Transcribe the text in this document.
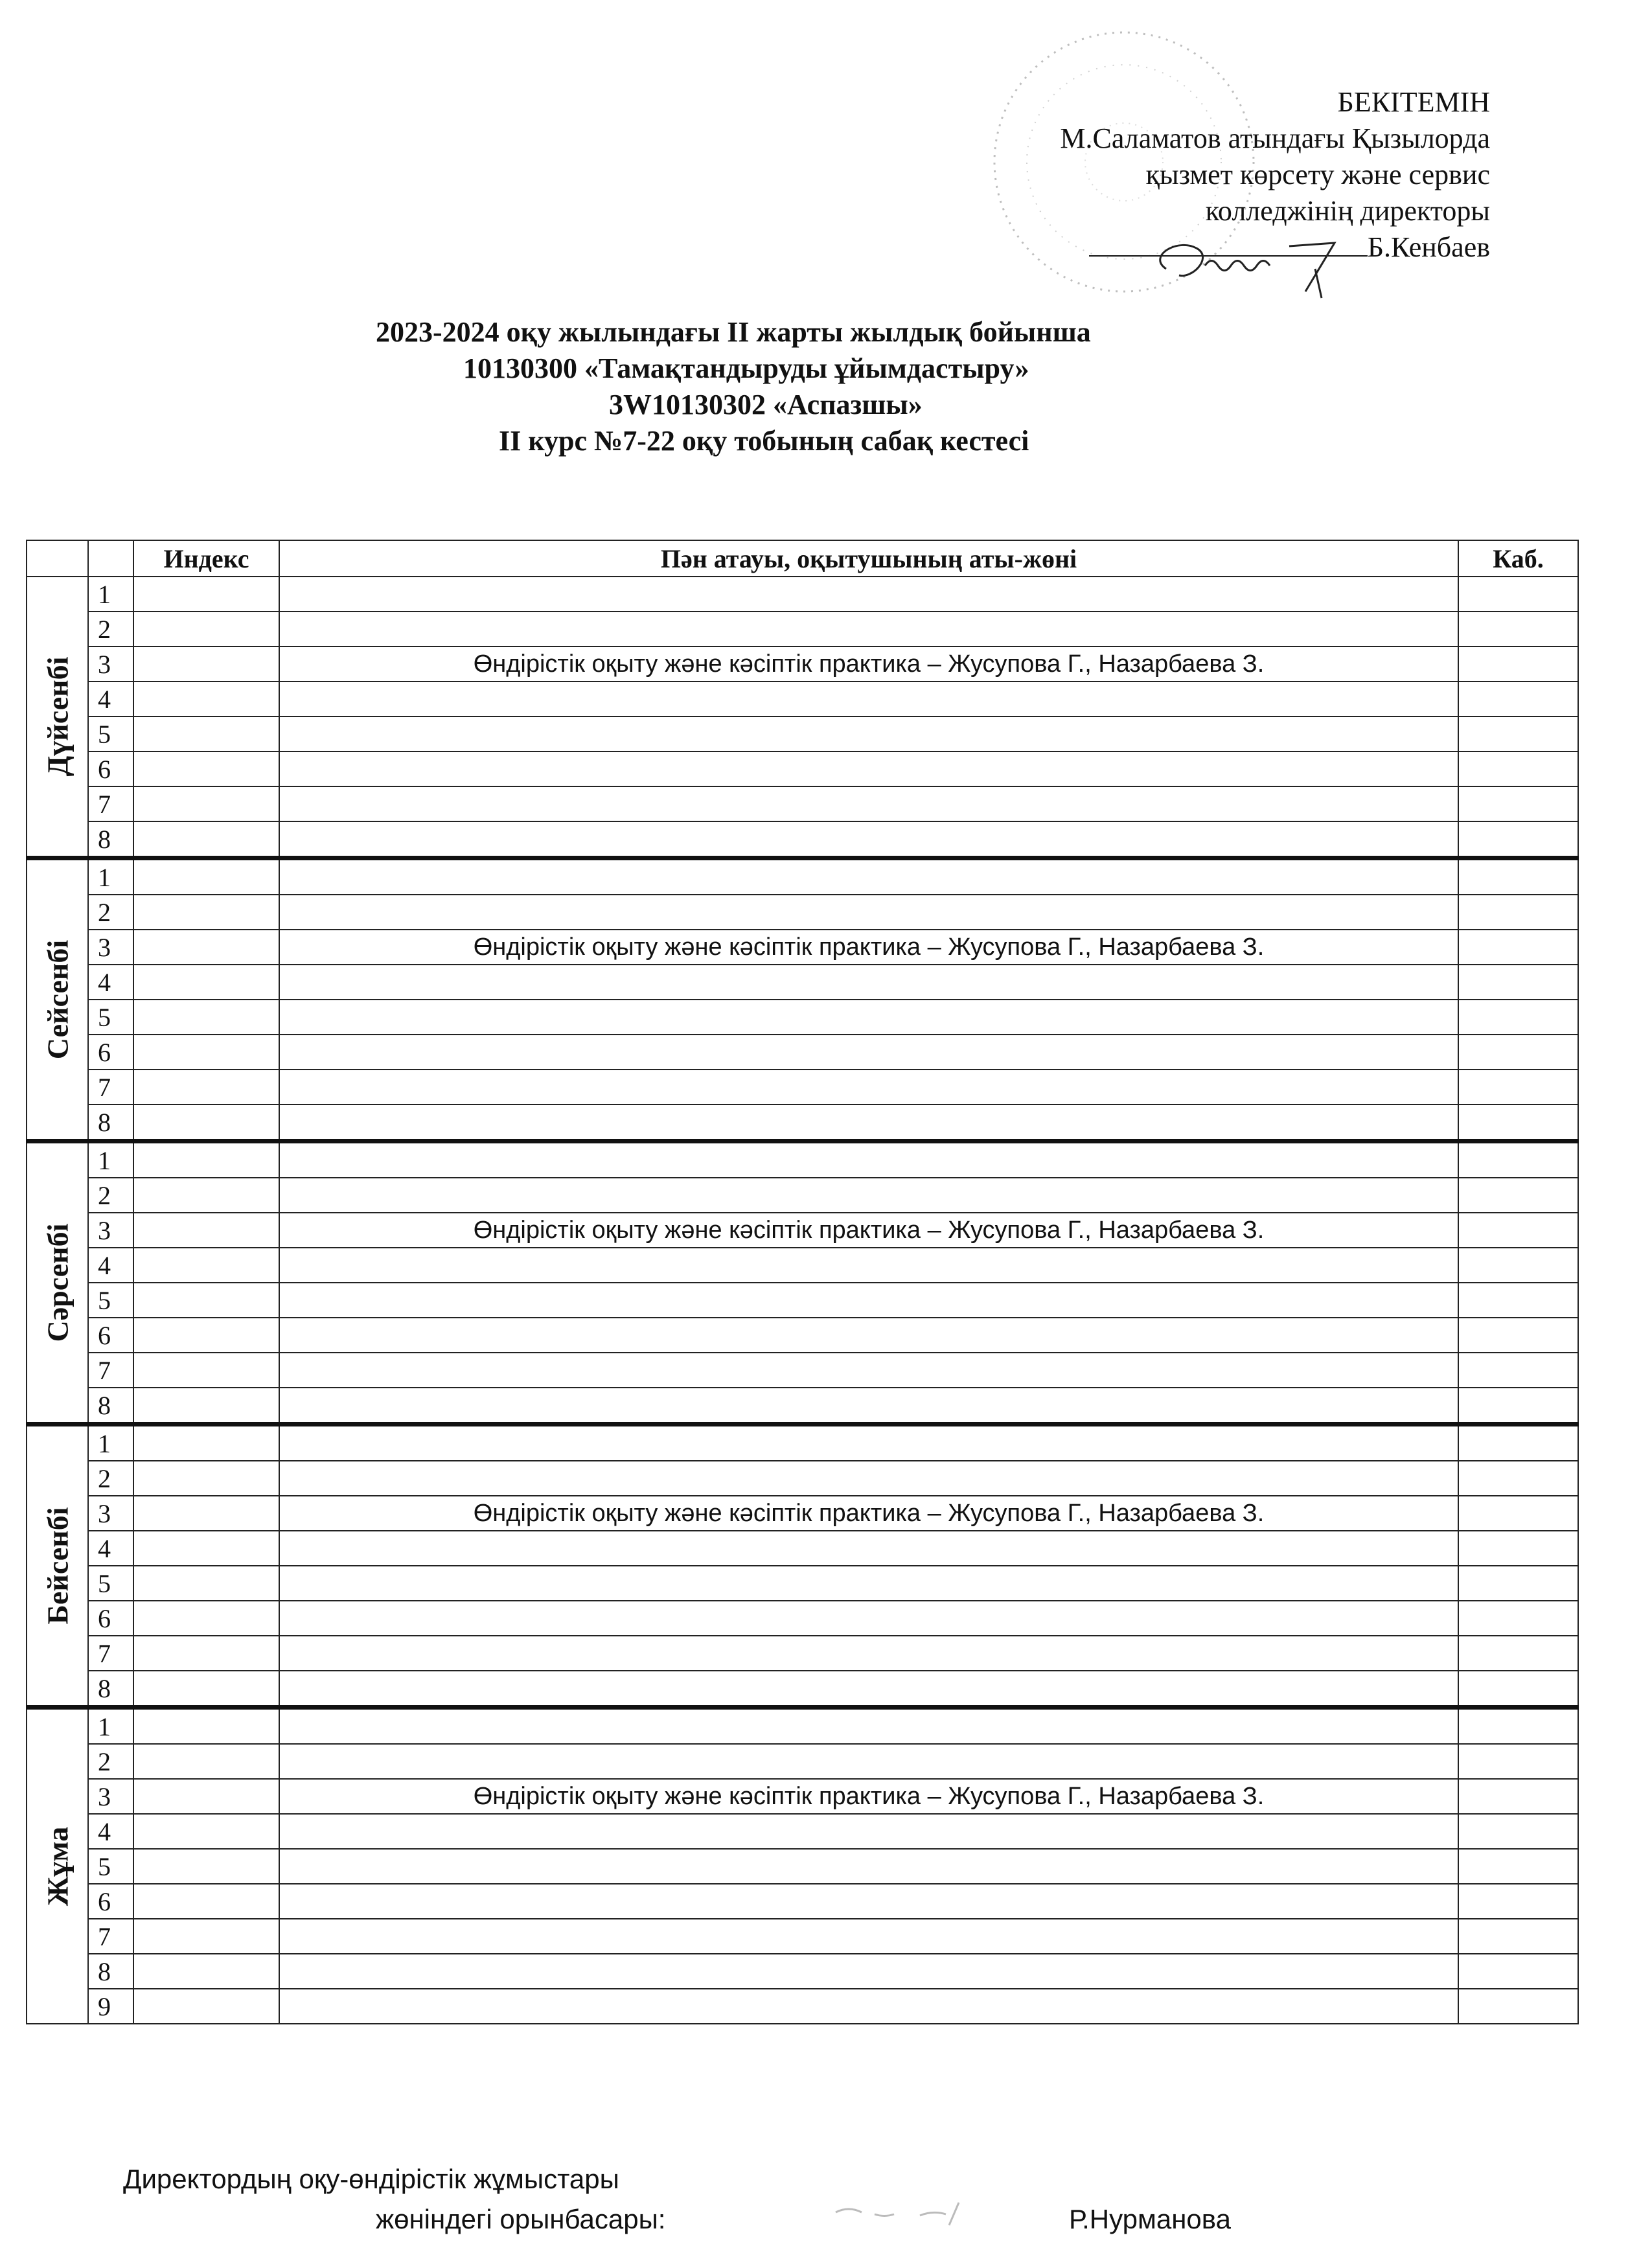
БЕКІТЕМІН
М.Саламатов атындағы Қызылорда
қызмет көрсету және сервис
колледжінің директоры
Б.Кенбаев
2023-2024 оқу жылындағы ІІ жарты жылдық бойынша
10130300 «Тамақтандыруды ұйымдастыру»
3W10130302 «Аспазшы»
ІІ курс №7-22 оқу тобының сабақ кестесі
		Индекс	Пән атауы, оқытушының аты-жөні	Каб.

Дүйсенбі	1			
	2			
	3		Өндірістік оқыту және кәсіптік практика – Жусупова Г., Назарбаева З.	
	4			
	5			
	6			
	7			
	8			

Сейсенбі	1			
	2			
	3		Өндірістік оқыту және кәсіптік практика – Жусупова Г., Назарбаева З.	
	4			
	5			
	6			
	7			
	8			

Сәрсенбі	1			
	2			
	3		Өндірістік оқыту және кәсіптік практика – Жусупова Г., Назарбаева З.	
	4			
	5			
	6			
	7			
	8			

Бейсенбі	1			
	2			
	3		Өндірістік оқыту және кәсіптік практика – Жусупова Г., Назарбаева З.	
	4			
	5			
	6			
	7			
	8			

Жұма	1			
	2			
	3		Өндірістік оқыту және кәсіптік практика – Жусупова Г., Назарбаева З.	
	4			
	5			
	6			
	7			
	8			
	9			
Директордың оқу-өндірістік жұмыстары
жөніндегі орынбасары:	Р.Нурманова
